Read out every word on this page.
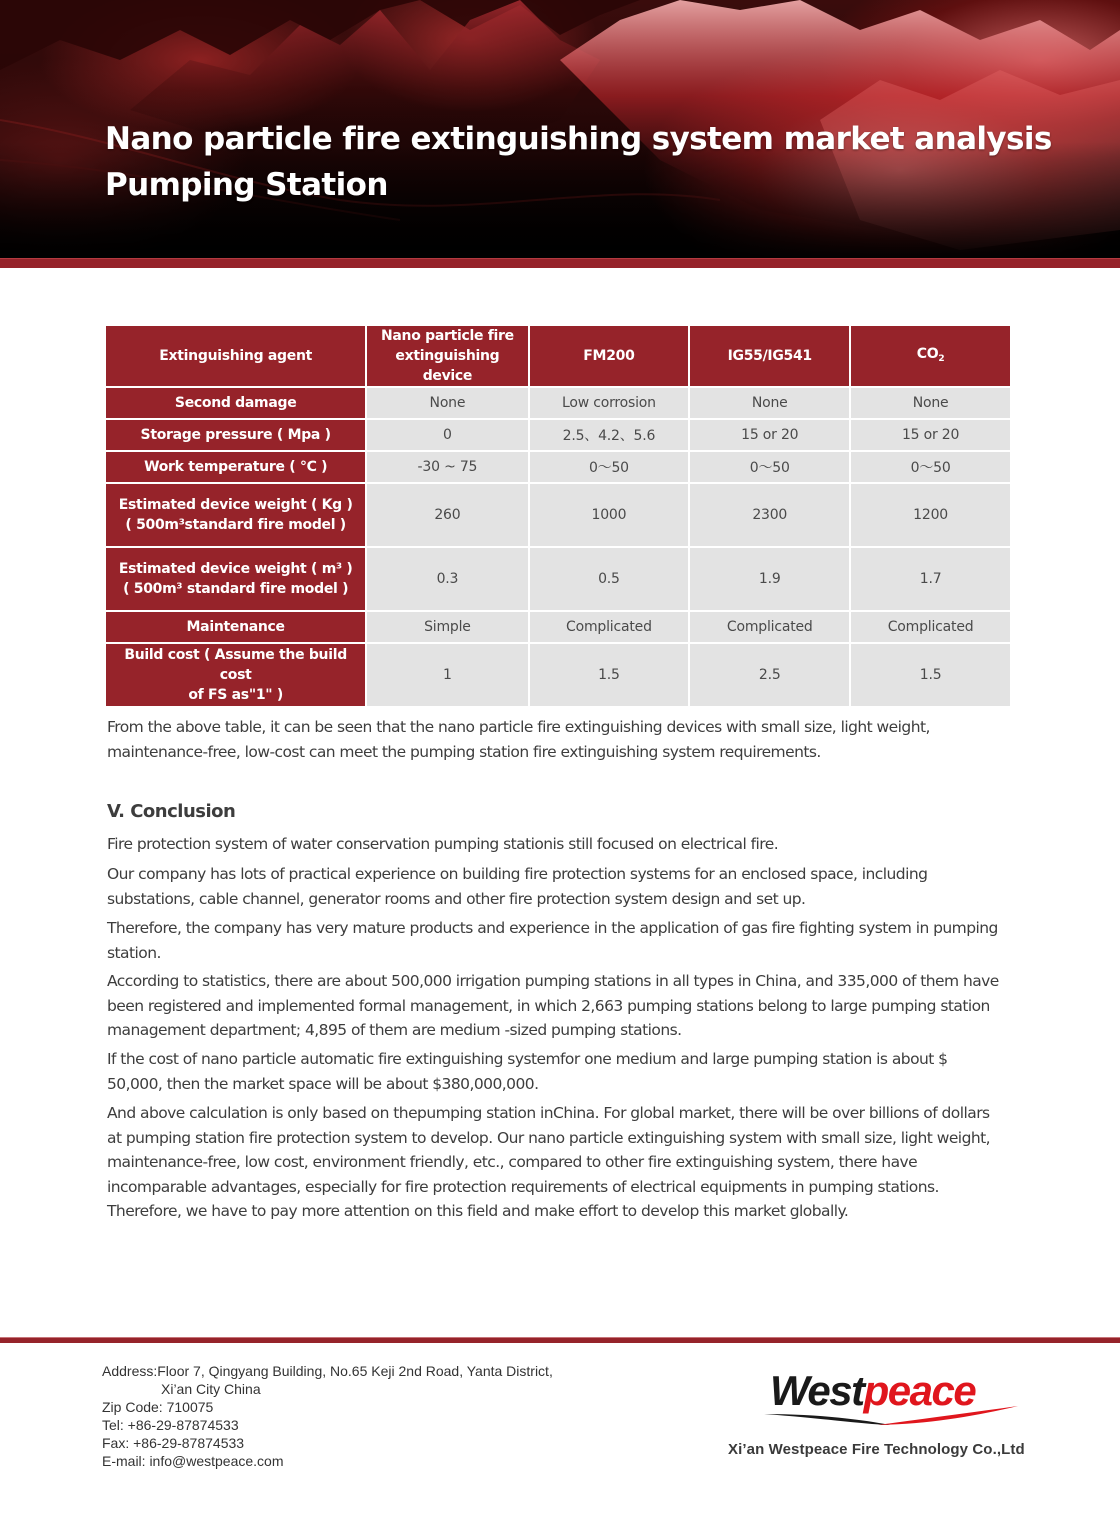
Nano particle fire extinguishing system market analysis
Pumping Station
Extinguishing agent	Nano particle fire extinguishing device	FM200	IG55/IG541	$CO_2$
Second damage	None	Low corrosion	None	None
Storage pressure ( Mpa )	0	2.5、4.2、5.6	15 or 20	15 or 20
Work temperature ( ℃ )	-30 ~ 75	0～50	0～50	0～50

Estimated device weight ( Kg )
( 500m³standard fire model )	260	1000	2300	1200

Estimated device weight ( m³ )
( 500m³ standard fire model )	0.3	0.5	1.9	1.7
Maintenance	Simple	Complicated	Complicated	Complicated

Build cost ( Assume the build cost
of FS as"1" )	1	1.5	2.5	1.5

From the above table, it can be seen that the nano particle fire extinguishing devices with small size, light weight, maintenance-free, low-cost can meet the pumping station fire extinguishing system requirements.

V. Conclusion

Fire protection system of water conservation pumping stationis still focused on electrical fire.

Our company has lots of practical experience on building fire protection systems for an enclosed space, including substations, cable channel, generator rooms and other fire protection system design and set up.

Therefore, the company has very mature products and experience in the application of gas fire fighting system in pumping station.

According to statistics, there are about 500,000 irrigation pumping stations in all types in China, and 335,000 of them have been registered and implemented formal management, in which 2,663 pumping stations belong to large pumping station management department; 4,895 of them are medium -sized pumping stations.

If the cost of nano particle automatic fire extinguishing systemfor one medium and large pumping station is about $ 50,000, then the market space will be about $380,000,000.

And above calculation is only based on thepumping station inChina. For global market, there will be over billions of dollars at pumping station fire protection system to develop. Our nano particle extinguishing system with small size, light weight, maintenance-free, low cost, environment friendly, etc., compared to other fire extinguishing system, there have incomparable advantages, especially for fire protection requirements of electrical equipments in pumping stations. Therefore, we have to pay more attention on this field and make effort to develop this market globally.

Address:Floor 7, Qingyang Building, No.65 Keji 2nd Road, Yanta District,
Xi’an City China
Zip Code: 710075
Tel: +86-29-87874533
Fax: +86-29-87874533
E-mail: info@westpeace.com
Westpeace
Xi’an Westpeace Fire Technology Co.,Ltd
